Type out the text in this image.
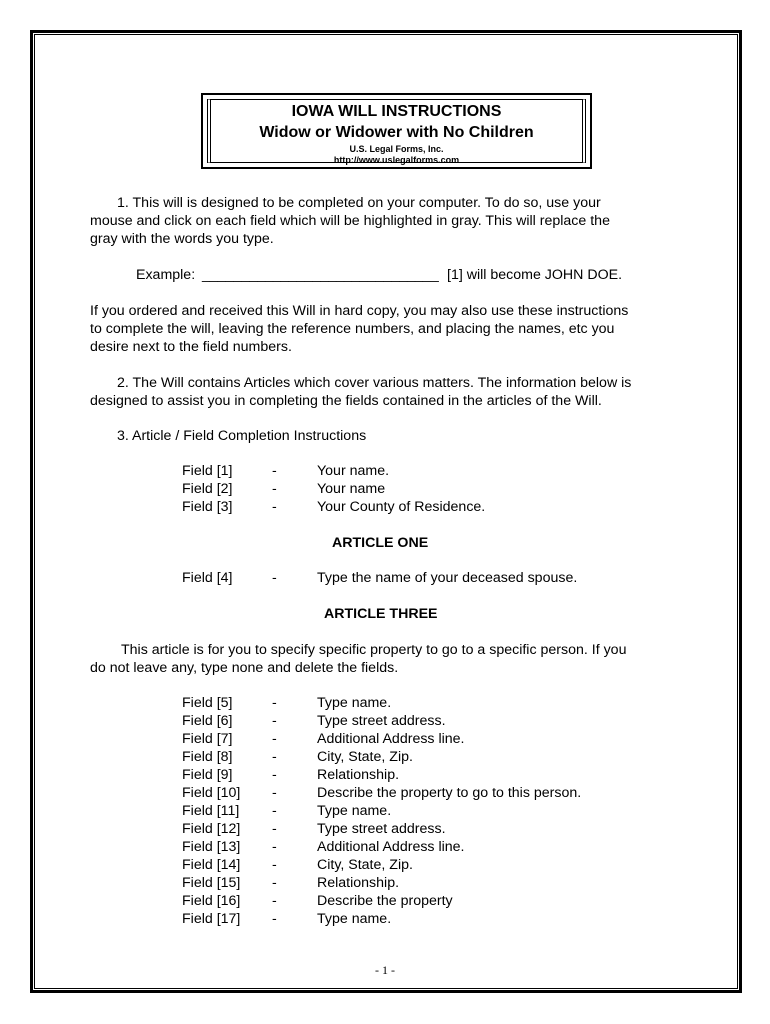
IOWA WILL INSTRUCTIONS
Widow or Widower with No Children
U.S. Legal Forms, Inc.
http://www.uslegalforms.com
1. This will is designed to be completed on your computer. To do so, use your
mouse and click on each field which will be highlighted in gray. This will replace the
gray with the words you type.
Example: ______________________________ [1] will become JOHN DOE.
If you ordered and received this Will in hard copy, you may also use these instructions
to complete the will, leaving the reference numbers, and placing the names, etc you
desire next to the field numbers.
2. The Will contains Articles which cover various matters. The information below is
designed to assist you in completing the fields contained in the articles of the Will.
3. Article / Field Completion Instructions
Field [1]	-	Your name.
Field [2]	-	Your name
Field [3]	-	Your County of Residence.
ARTICLE ONE
Field [4]	-	Type the name of your deceased spouse.
ARTICLE THREE
This article is for you to specify specific property to go to a specific person. If you
do not leave any, type none and delete the fields.
Field [5]	-	Type name.
Field [6]	-	Type street address.
Field [7]	-	Additional Address line.
Field [8]	-	City, State, Zip.
Field [9]	-	Relationship.
Field [10] -	Describe the property to go to this person.
Field [11] -	Type name.
Field [12] -	Type street address.
Field [13] -	Additional Address line.
Field [14] -	City, State, Zip.
Field [15] -	Relationship.
Field [16] -	Describe the property
Field [17] -	Type name.
- 1 -
